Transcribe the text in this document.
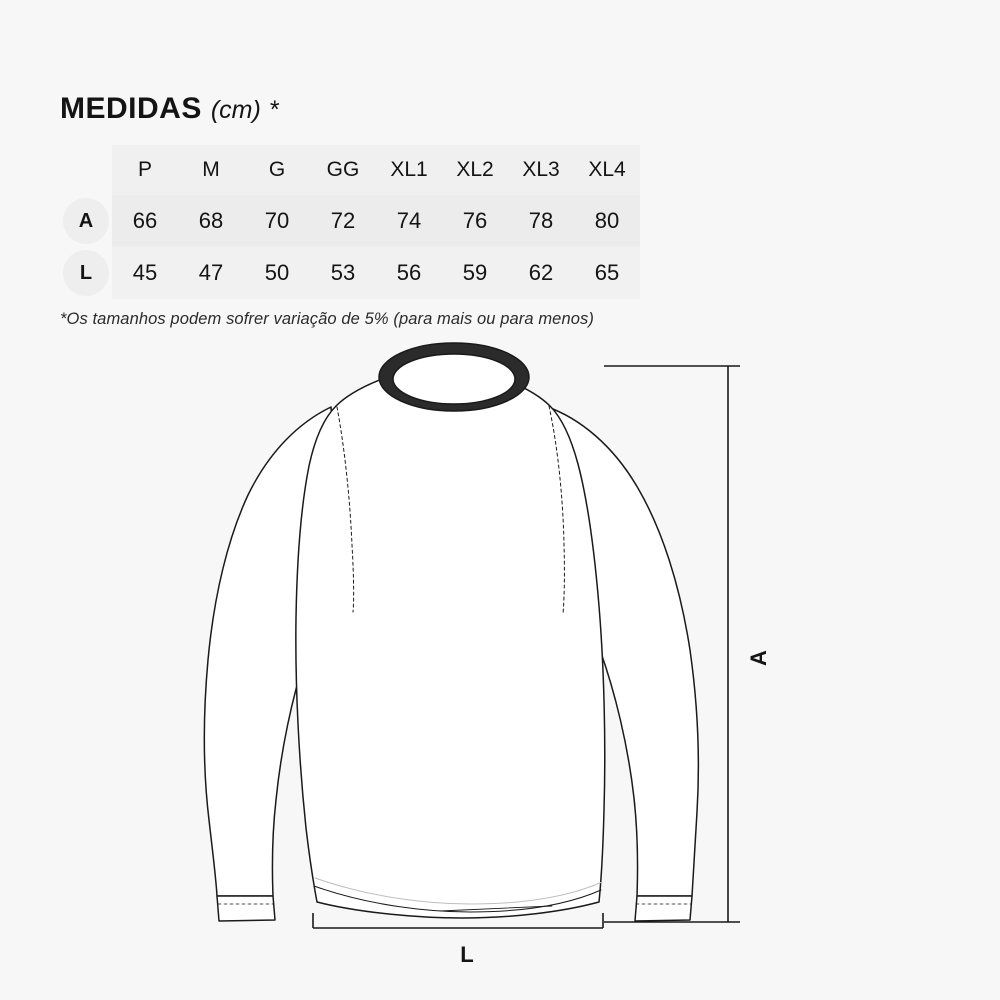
MEDIDAS (cm) *
	P	M	G	GG	XL1	XL2	XL3	XL4

A	66	68	70	72	74	76	78	80

L	45	47	50	53	56	59	62	65
*Os tamanhos podem sofrer variação de 5% (para mais ou para menos)
A
L
